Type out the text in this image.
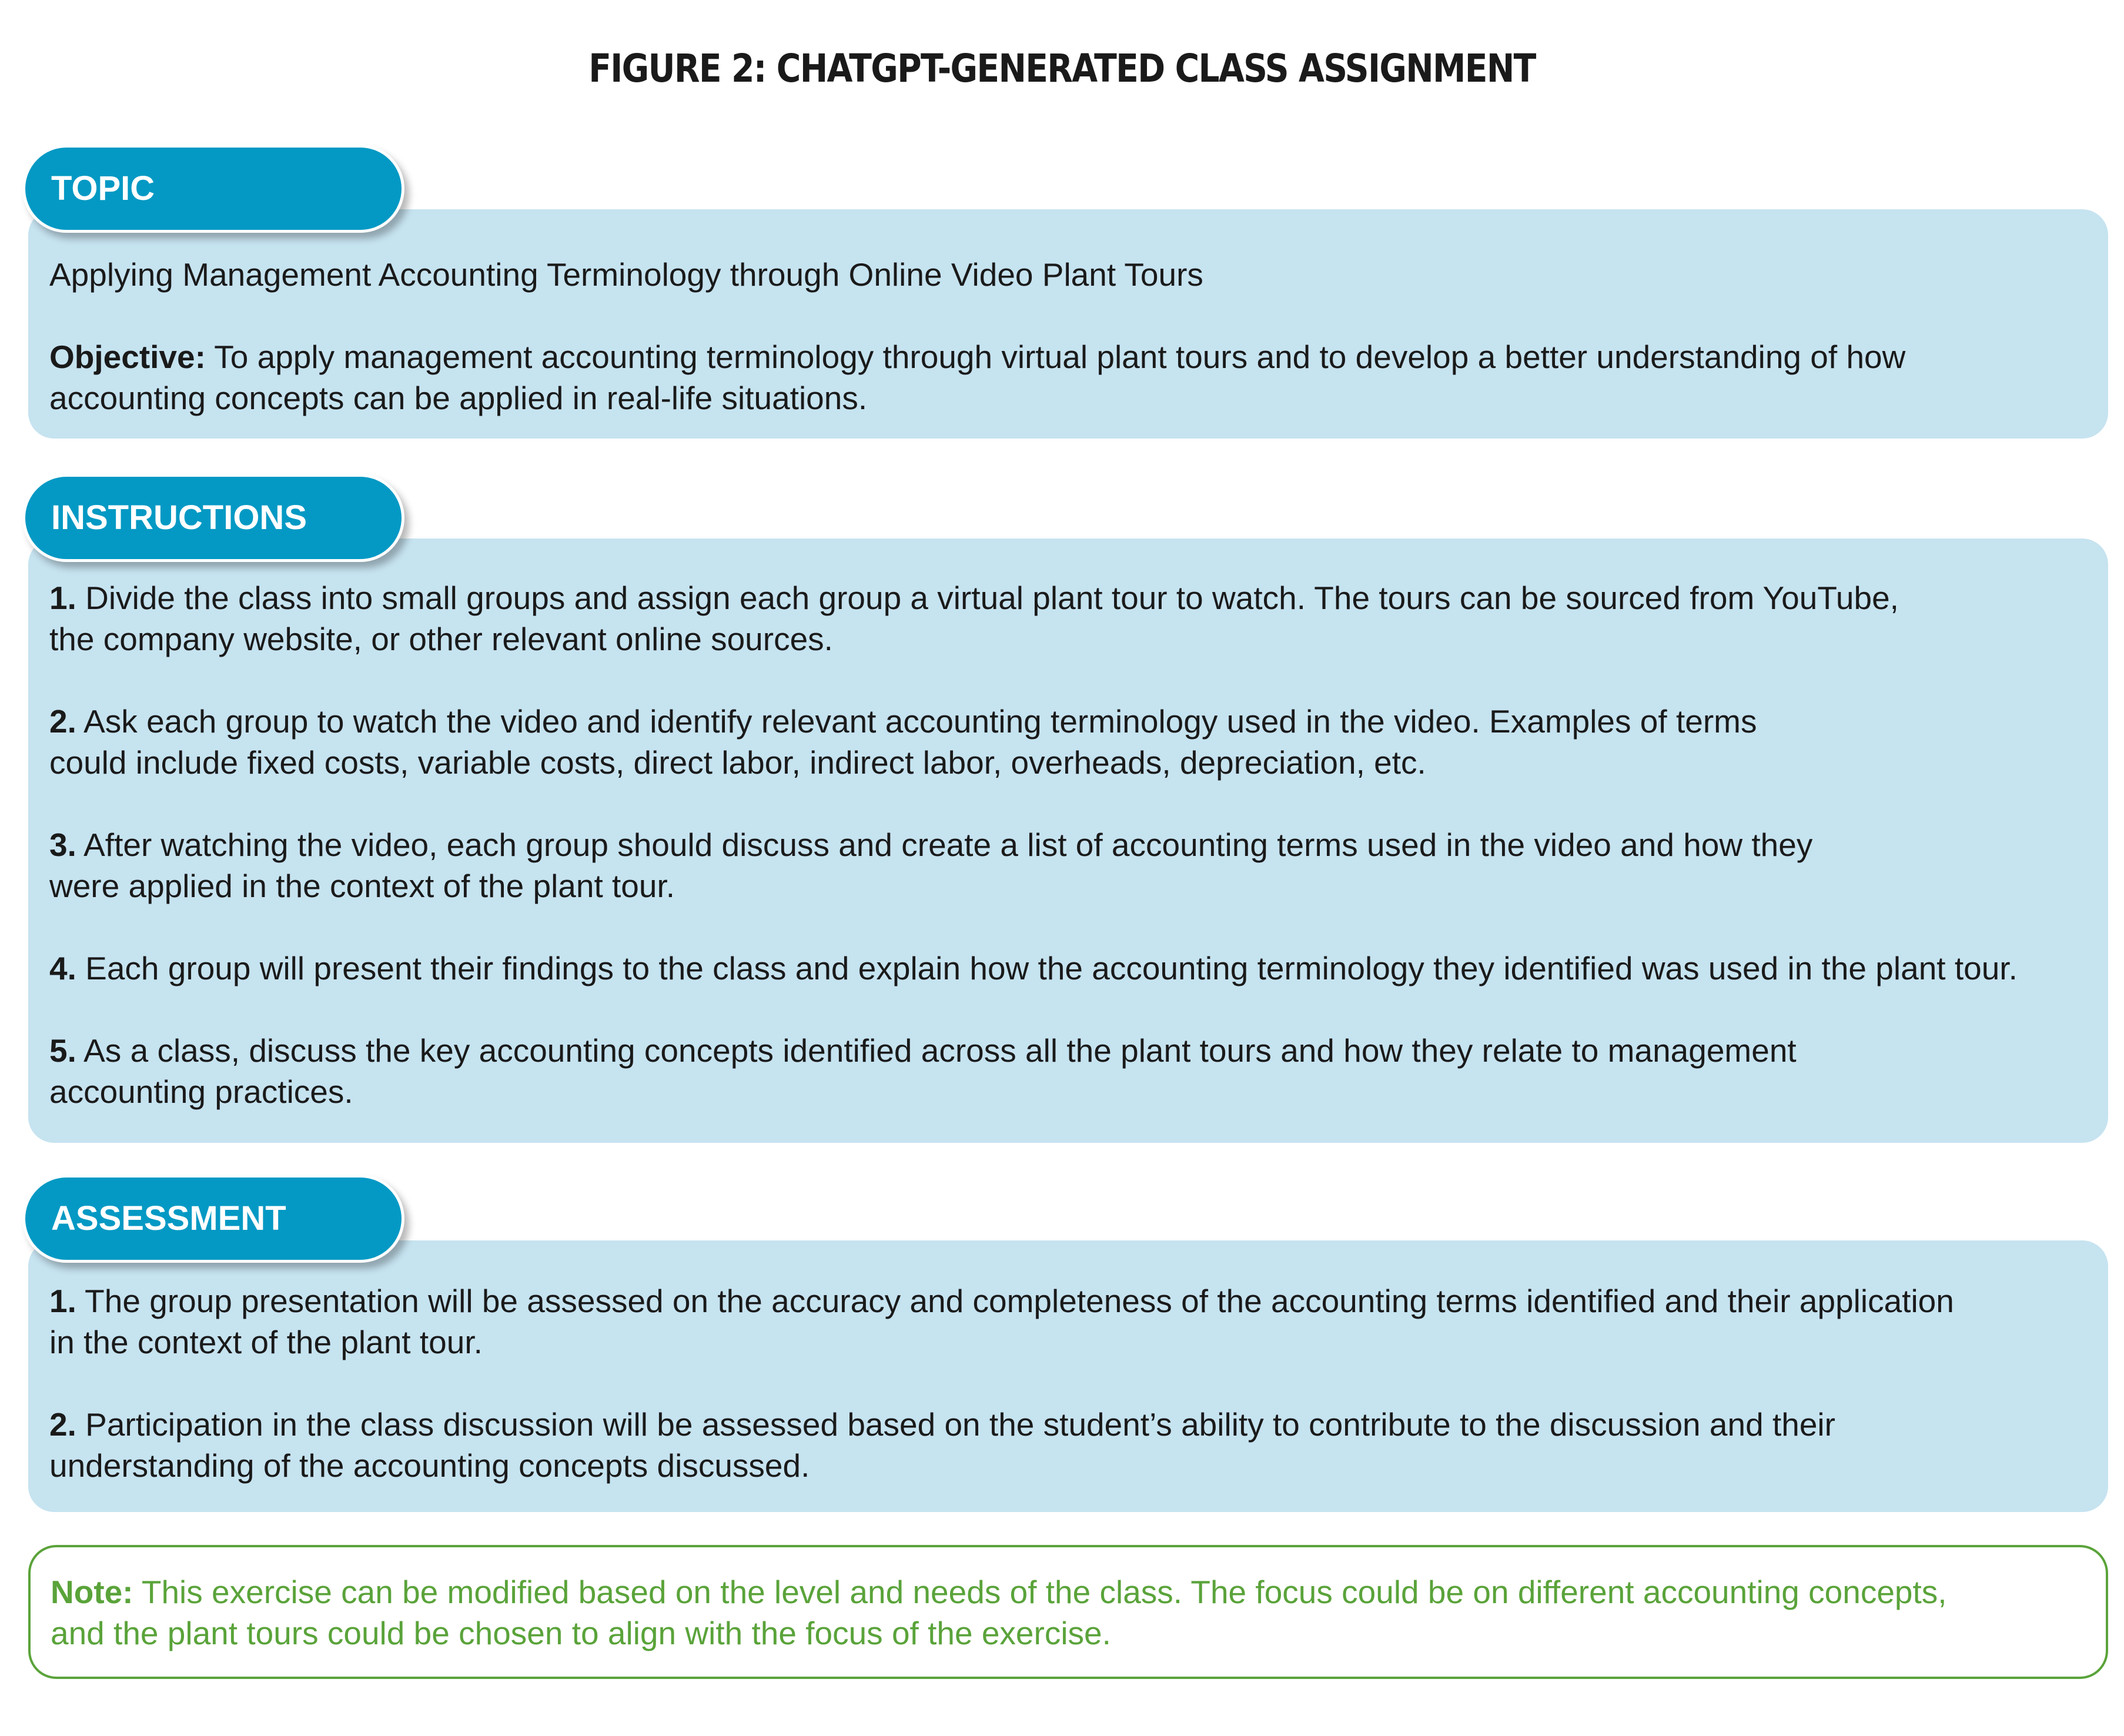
FIGURE 2: CHATGPT-GENERATED CLASS ASSIGNMENT
TOPIC

Applying Management Accounting Terminology through Online Video Plant Tours

Objective: To apply management accounting terminology through virtual plant tours and to develop a better understanding of how
accounting concepts can be applied in real-life situations.

INSTRUCTIONS

1. Divide the class into small groups and assign each group a virtual plant tour to watch. The tours can be sourced from YouTube,
the company website, or other relevant online sources.

2. Ask each group to watch the video and identify relevant accounting terminology used in the video. Examples of terms
could include fixed costs, variable costs, direct labor, indirect labor, overheads, depreciation, etc.

3. After watching the video, each group should discuss and create a list of accounting terms used in the video and how they
were applied in the context of the plant tour.

4. Each group will present their findings to the class and explain how the accounting terminology they identified was used in the plant tour.

5. As a class, discuss the key accounting concepts identified across all the plant tours and how they relate to management
accounting practices.

ASSESSMENT

1. The group presentation will be assessed on the accuracy and completeness of the accounting terms identified and their application
in the context of the plant tour.

2. Participation in the class discussion will be assessed based on the student’s ability to contribute to the discussion and their
understanding of the accounting concepts discussed.

Note: This exercise can be modified based on the level and needs of the class. The focus could be on different accounting concepts,
and the plant tours could be chosen to align with the focus of the exercise.
